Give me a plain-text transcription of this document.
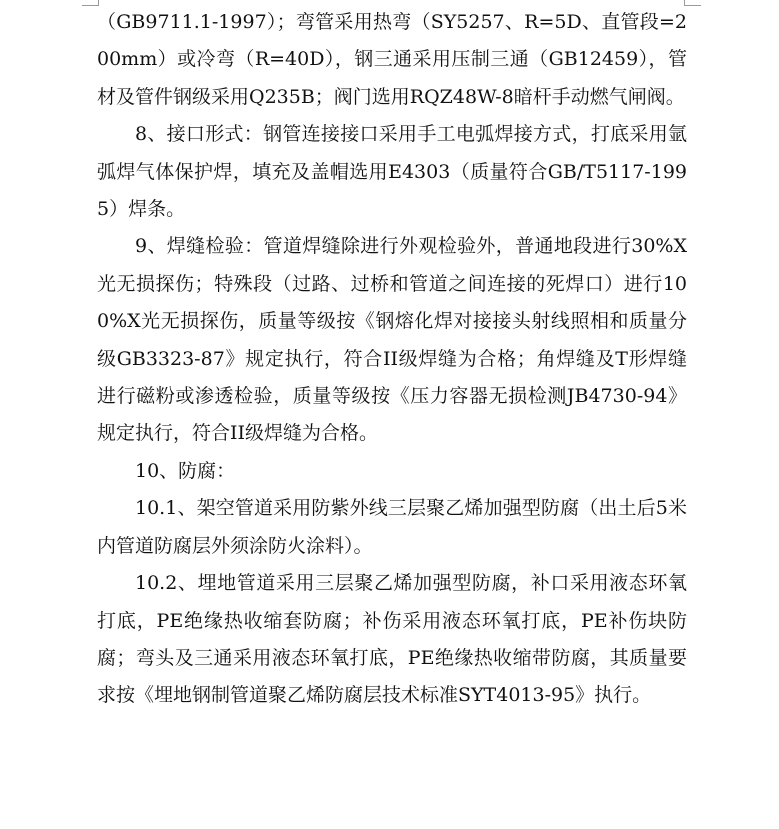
（GB9711.1-1997）；弯管采用热弯（SY5257、R=5D、直管段=200mm）或冷弯（R=40D），钢三通采用压制三通（GB12459），管材及管件钢级采用Q235B；阀门选用RQZ48W-8暗杆手动燃气闸阀。

8、接口形式：钢管连接接口采用手工电弧焊接方式，打底采用氩弧焊气体保护焊，填充及盖帽选用E4303（质量符合GB/T5117-1995）焊条。

9、焊缝检验：管道焊缝除进行外观检验外，普通地段进行30%X光无损探伤；特殊段（过路、过桥和管道之间连接的死焊口）进行100%X光无损探伤，质量等级按《钢熔化焊对接接头射线照相和质量分级GB3323-87》规定执行，符合II级焊缝为合格；角焊缝及T形焊缝进行磁粉或渗透检验，质量等级按《压力容器无损检测JB4730-94》规定执行，符合II级焊缝为合格。

10、防腐：

10.1、架空管道采用防紫外线三层聚乙烯加强型防腐（出土后5米内管道防腐层外须涂防火涂料）。

10.2、埋地管道采用三层聚乙烯加强型防腐，补口采用液态环氧打底，PE绝缘热收缩套防腐；补伤采用液态环氧打底，PE补伤块防腐；弯头及三通采用液态环氧打底，PE绝缘热收缩带防腐，其质量要求按《埋地钢制管道聚乙烯防腐层技术标准SYT4013-95》执行。
